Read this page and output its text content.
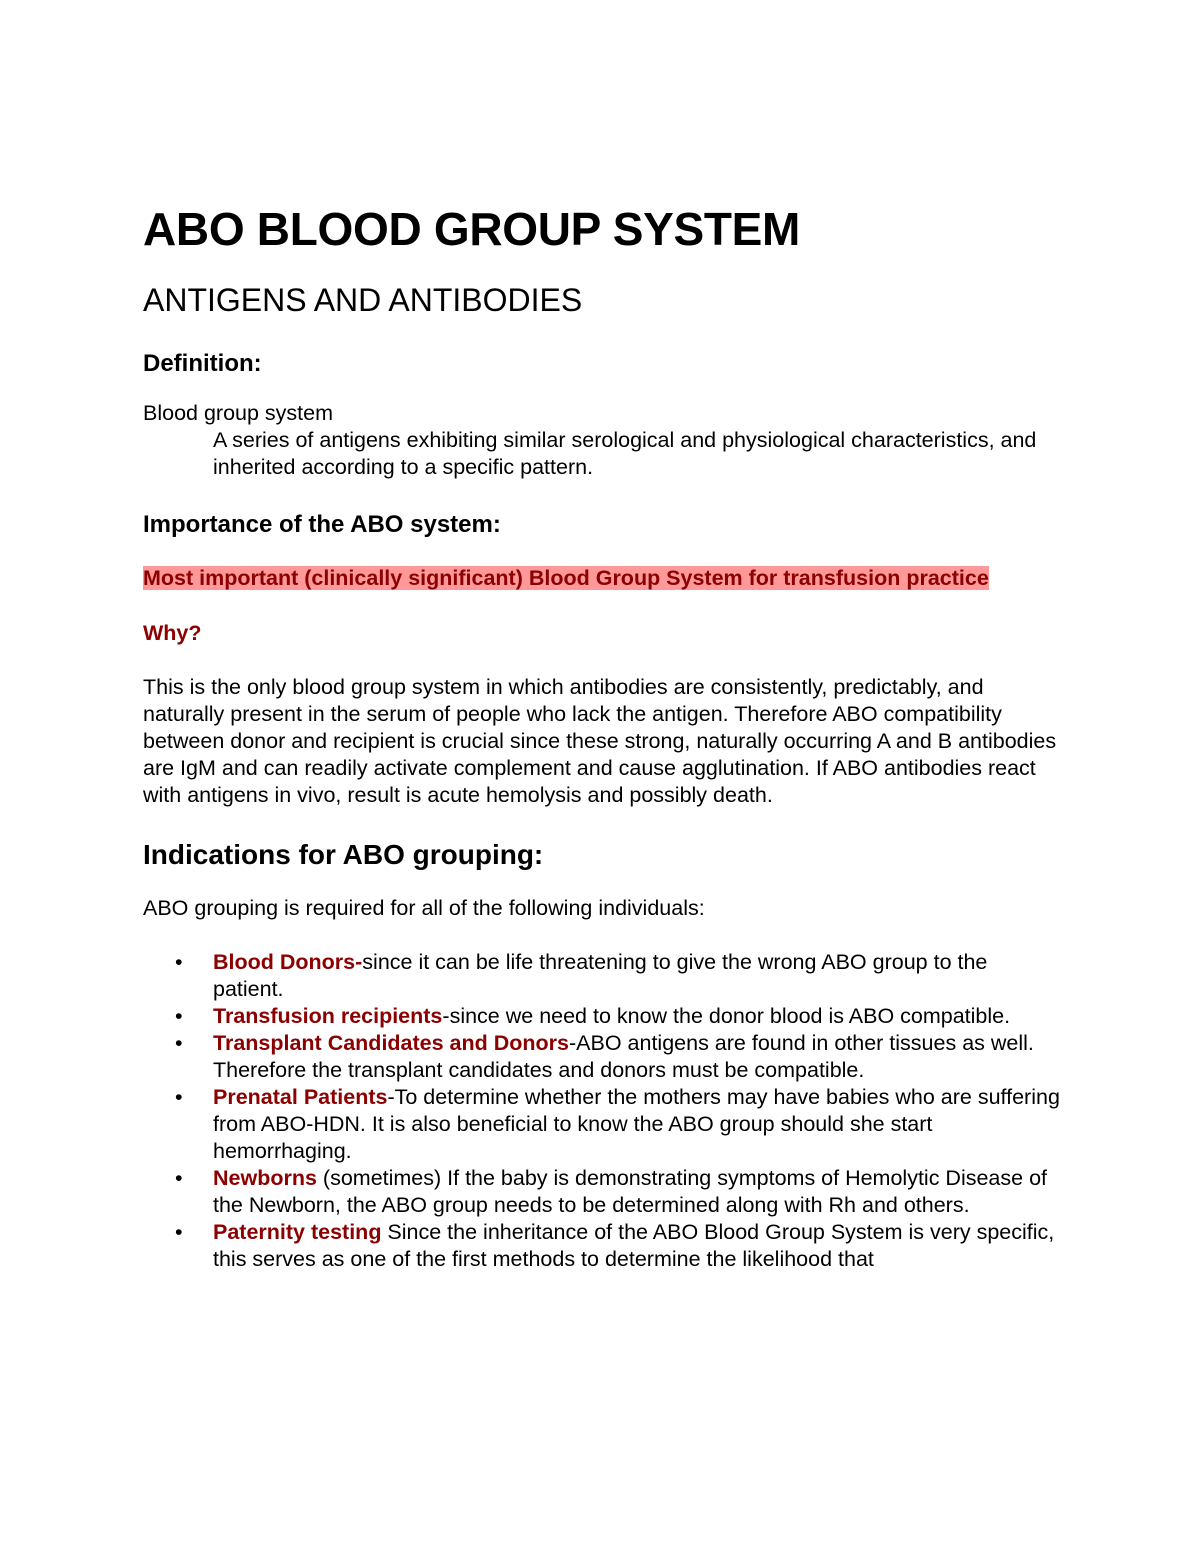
ABO BLOOD GROUP SYSTEM
ANTIGENS AND ANTIBODIES
Definition:

Blood group system

A series of antigens exhibiting similar serological and physiological characteristics, and inherited according to a specific pattern.

Importance of the ABO system:

Most important (clinically significant) Blood Group System for transfusion practice

Why?

This is the only blood group system in which antibodies are consistently, predictably, and naturally present in the serum of people who lack the antigen. Therefore ABO compatibility between donor and recipient is crucial since these strong, naturally occurring A and B antibodies are IgM and can readily activate complement and cause agglutination. If ABO antibodies react with antigens in vivo, result is acute hemolysis and possibly death.

Indications for ABO grouping:

ABO grouping is required for all of the following individuals:

• Blood Donors-since it can be life threatening to give the wrong ABO group to the patient.
• Transfusion recipients-since we need to know the donor blood is ABO compatible.
• Transplant Candidates and Donors-ABO antigens are found in other tissues as well. Therefore the transplant candidates and donors must be compatible.
• Prenatal Patients-To determine whether the mothers may have babies who are suffering from ABO-HDN. It is also beneficial to know the ABO group should she start hemorrhaging.
• Newborns (sometimes) If the baby is demonstrating symptoms of Hemolytic Disease of the Newborn, the ABO group needs to be determined along with Rh and others.
• Paternity testing Since the inheritance of the ABO Blood Group System is very specific, this serves as one of the first methods to determine the likelihood that
